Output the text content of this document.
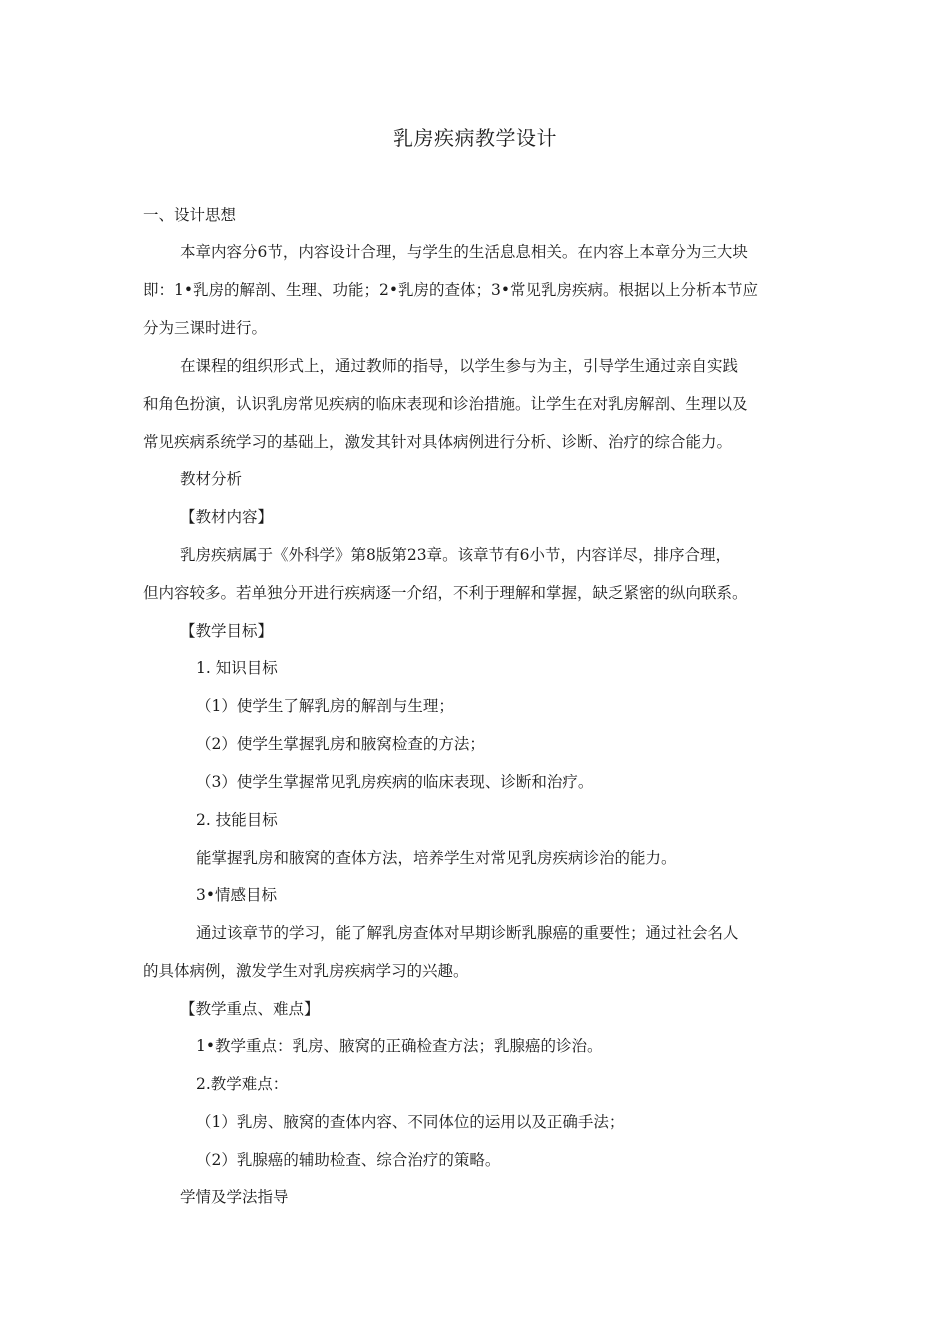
乳房疾病教学设计

一、设计思想

本章内容分6节，内容设计合理，与学生的生活息息相关。在内容上本章分为三大块

即：1•乳房的解剖、生理、功能；2•乳房的查体；3•常见乳房疾病。根据以上分析本节应

分为三课时进行。

在课程的组织形式上，通过教师的指导，以学生参与为主，引导学生通过亲自实践

和角色扮演，认识乳房常见疾病的临床表现和诊治措施。让学生在对乳房解剖、生理以及

常见疾病系统学习的基础上，激发其针对具体病例进行分析、诊断、治疗的综合能力。

教材分析

【教材内容】

乳房疾病属于《外科学》第8版第23章。该章节有6小节，内容详尽，排序合理，

但内容较多。若单独分开进行疾病逐一介绍，不利于理解和掌握，缺乏紧密的纵向联系。

【教学目标】

1. 知识目标

（1）使学生了解乳房的解剖与生理；

（2）使学生掌握乳房和腋窝检查的方法；

（3）使学生掌握常见乳房疾病的临床表现、诊断和治疗。

2. 技能目标

能掌握乳房和腋窝的查体方法，培养学生对常见乳房疾病诊治的能力。

3•情感目标

通过该章节的学习，能了解乳房查体对早期诊断乳腺癌的重要性；通过社会名人

的具体病例，激发学生对乳房疾病学习的兴趣。

【教学重点、难点】

1•教学重点：乳房、腋窝的正确检查方法；乳腺癌的诊治。

2.教学难点：

（1）乳房、腋窝的查体内容、不同体位的运用以及正确手法；

（2）乳腺癌的辅助检查、综合治疗的策略。

学情及学法指导
